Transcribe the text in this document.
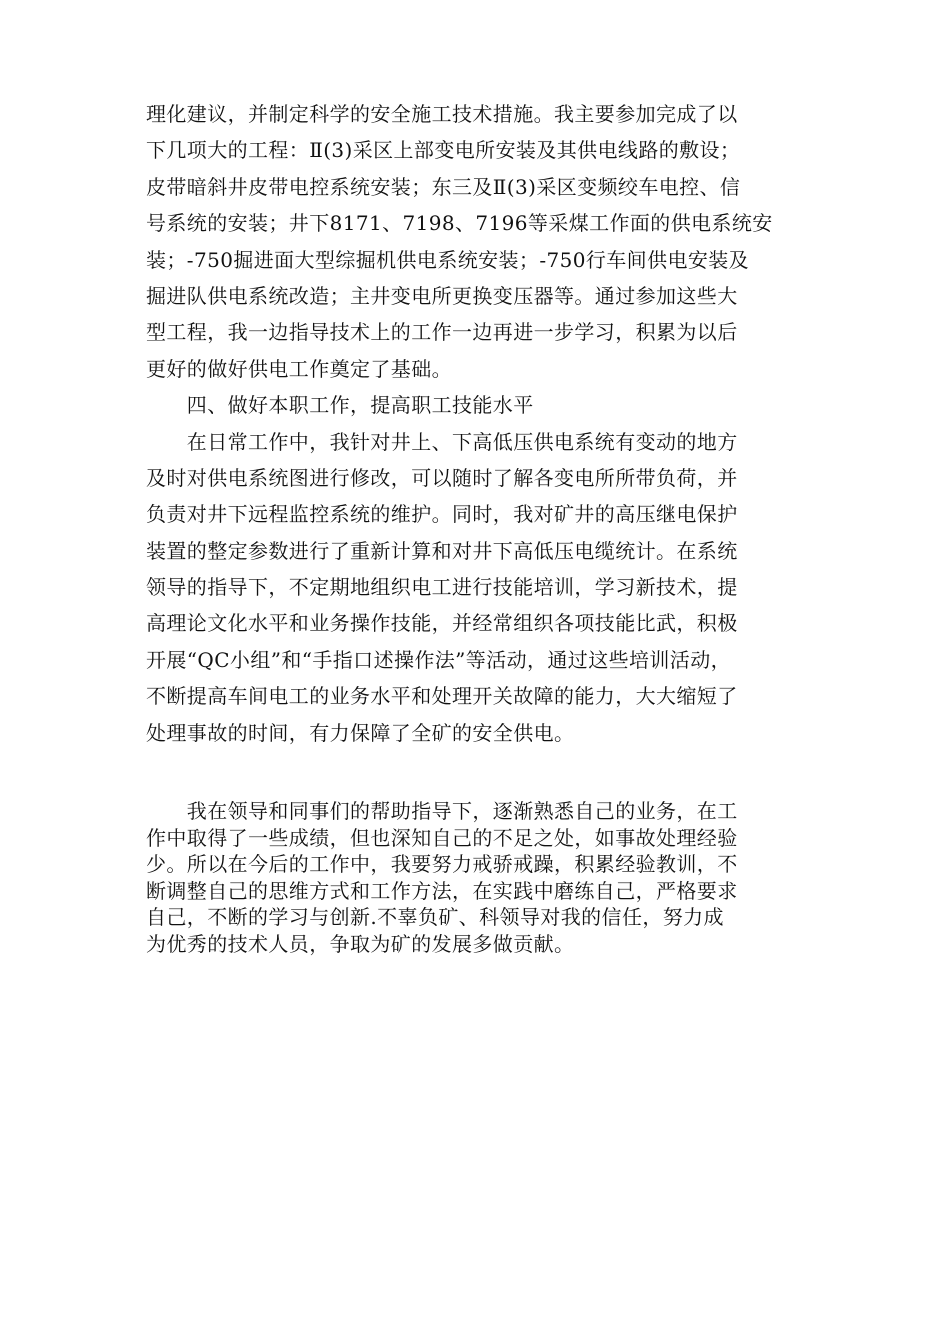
理化建议，并制定科学的安全施工技术措施。我主要参加完成了以
下几项大的工程：Ⅱ(3)采区上部变电所安装及其供电线路的敷设；
皮带暗斜井皮带电控系统安装；东三及Ⅱ(3)采区变频绞车电控、信
号系统的安装；井下8171、7198、7196等采煤工作面的供电系统安
装；-750掘进面大型综掘机供电系统安装；-750行车间供电安装及
掘进队供电系统改造；主井变电所更换变压器等。通过参加这些大
型工程，我一边指导技术上的工作一边再进一步学习，积累为以后
更好的做好供电工作奠定了基础。
　　四、做好本职工作，提高职工技能水平
　　在日常工作中，我针对井上、下高低压供电系统有变动的地方
及时对供电系统图进行修改，可以随时了解各变电所所带负荷，并
负责对井下远程监控系统的维护。同时，我对矿井的高压继电保护
装置的整定参数进行了重新计算和对井下高低压电缆统计。在系统
领导的指导下，不定期地组织电工进行技能培训，学习新技术，提
高理论文化水平和业务操作技能，并经常组织各项技能比武，积极
开展“QC小组”和“手指口述操作法”等活动，通过这些培训活动，
不断提高车间电工的业务水平和处理开关故障的能力，大大缩短了
处理事故的时间，有力保障了全矿的安全供电。
　　我在领导和同事们的帮助指导下，逐渐熟悉自己的业务，在工
作中取得了一些成绩，但也深知自己的不足之处，如事故处理经验
少。所以在今后的工作中，我要努力戒骄戒躁，积累经验教训，不
断调整自己的思维方式和工作方法，在实践中磨练自己，严格要求
自己，不断的学习与创新.不辜负矿、科领导对我的信任，努力成
为优秀的技术人员，争取为矿的发展多做贡献。
